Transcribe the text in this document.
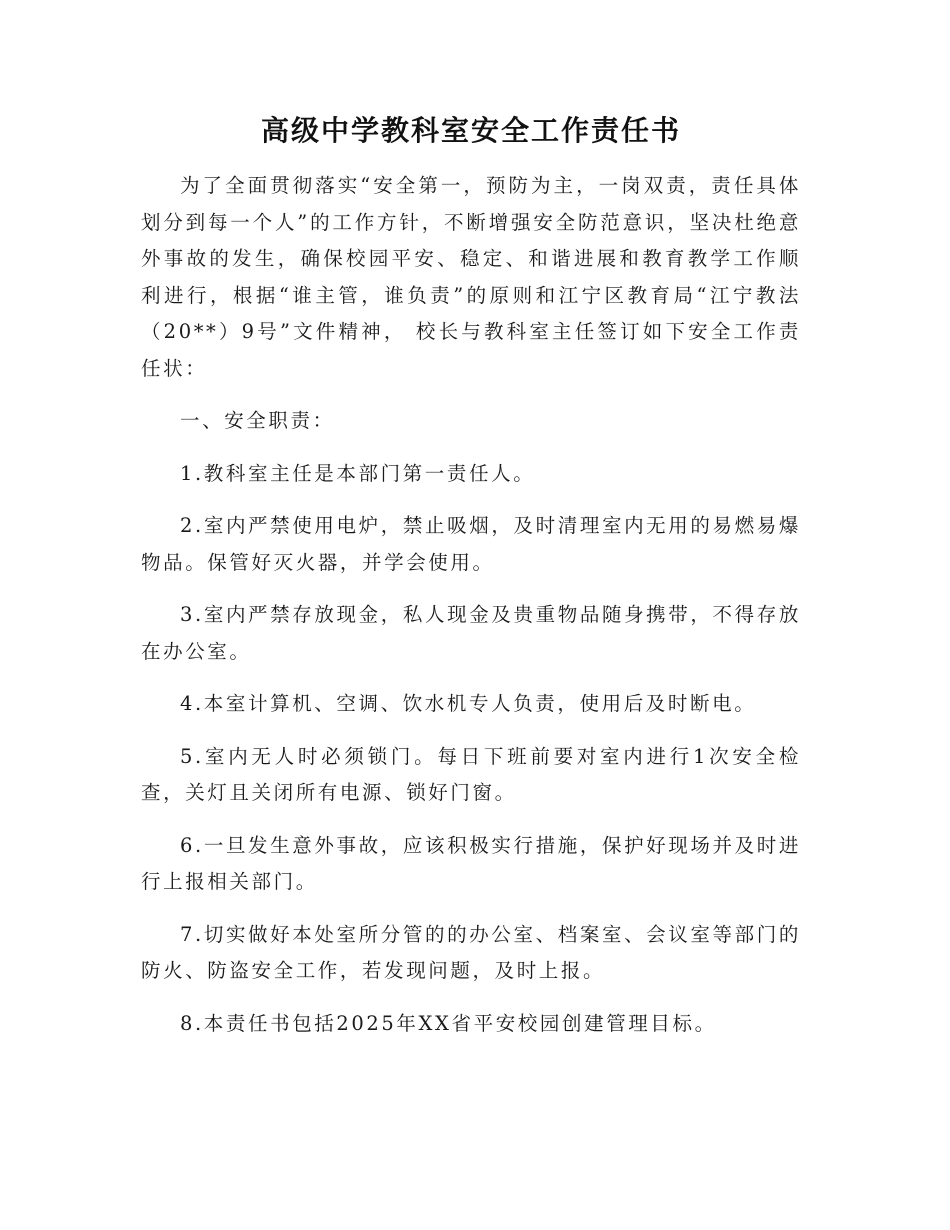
高级中学教科室安全工作责任书

为了全面贯彻落实“安全第一，预防为主，一岗双责，责任具体划分到每一个人”的工作方针，不断增强安全防范意识，坚决杜绝意外事故的发生，确保校园平安、稳定、和谐进展和教育教学工作顺利进行，根据“谁主管，谁负责”的原则和江宁区教育局“江宁教法（20**）9号”文件精神， 校长与教科室主任签订如下安全工作责任状：

一、安全职责：

1.教科室主任是本部门第一责任人。

2.室内严禁使用电炉，禁止吸烟，及时清理室内无用的易燃易爆物品。保管好灭火器，并学会使用。

3.室内严禁存放现金，私人现金及贵重物品随身携带，不得存放在办公室。

4.本室计算机、空调、饮水机专人负责，使用后及时断电。

5.室内无人时必须锁门。每日下班前要对室内进行1次安全检查，关灯且关闭所有电源、锁好门窗。

6.一旦发生意外事故，应该积极实行措施，保护好现场并及时进行上报相关部门。

7.切实做好本处室所分管的的办公室、档案室、会议室等部门的防火、防盗安全工作，若发现问题，及时上报。

8.本责任书包括2025年XX省平安校园创建管理目标。
